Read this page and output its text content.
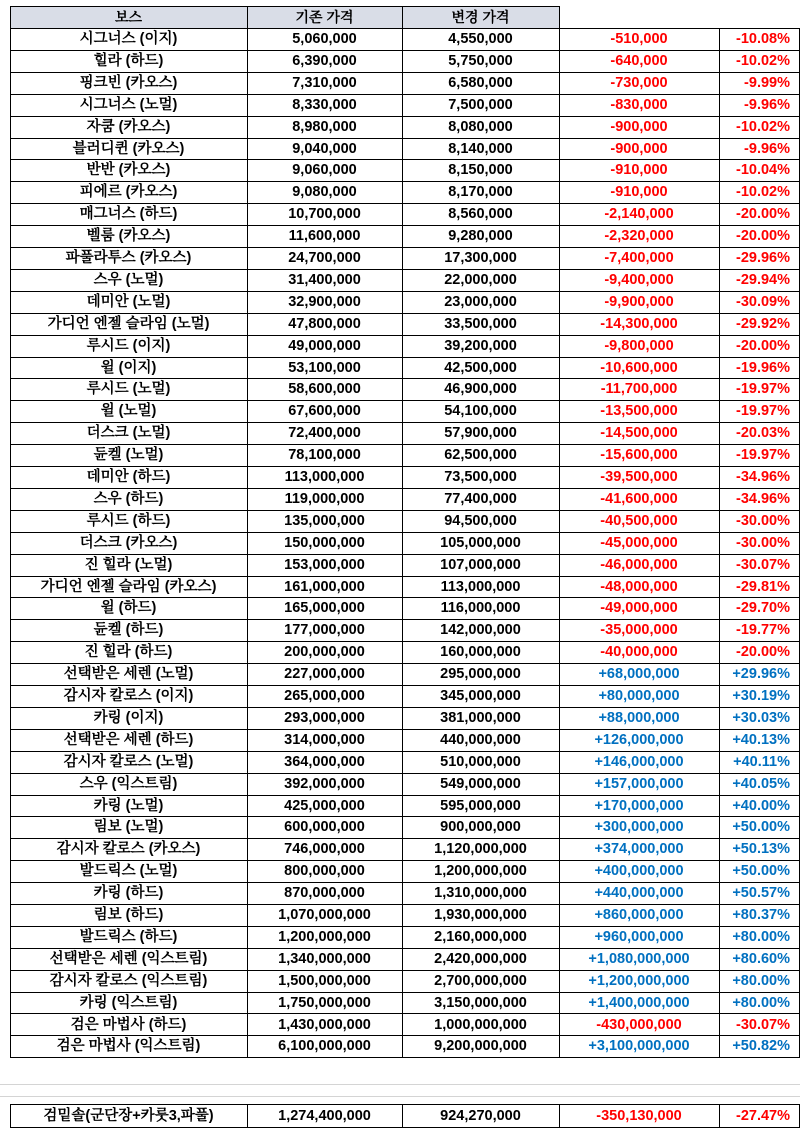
보스	기존 가격	변경 가격
시그너스 (이지)	5,060,000	4,550,000	-510,000	-10.08%
힐라 (하드)	6,390,000	5,750,000	-640,000	-10.02%
핑크빈 (카오스)	7,310,000	6,580,000	-730,000	-9.99%
시그너스 (노멀)	8,330,000	7,500,000	-830,000	-9.96%
자쿰 (카오스)	8,980,000	8,080,000	-900,000	-10.02%
블러디퀸 (카오스)	9,040,000	8,140,000	-900,000	-9.96%
반반 (카오스)	9,060,000	8,150,000	-910,000	-10.04%
피에르 (카오스)	9,080,000	8,170,000	-910,000	-10.02%
매그너스 (하드)	10,700,000	8,560,000	-2,140,000	-20.00%
벨룸 (카오스)	11,600,000	9,280,000	-2,320,000	-20.00%
파풀라투스 (카오스)	24,700,000	17,300,000	-7,400,000	-29.96%
스우 (노멀)	31,400,000	22,000,000	-9,400,000	-29.94%
데미안 (노멀)	32,900,000	23,000,000	-9,900,000	-30.09%
가디언 엔젤 슬라임 (노멀)	47,800,000	33,500,000	-14,300,000	-29.92%
루시드 (이지)	49,000,000	39,200,000	-9,800,000	-20.00%
윌 (이지)	53,100,000	42,500,000	-10,600,000	-19.96%
루시드 (노멀)	58,600,000	46,900,000	-11,700,000	-19.97%
윌 (노멀)	67,600,000	54,100,000	-13,500,000	-19.97%
더스크 (노멀)	72,400,000	57,900,000	-14,500,000	-20.03%
듄켈 (노멀)	78,100,000	62,500,000	-15,600,000	-19.97%
데미안 (하드)	113,000,000	73,500,000	-39,500,000	-34.96%
스우 (하드)	119,000,000	77,400,000	-41,600,000	-34.96%
루시드 (하드)	135,000,000	94,500,000	-40,500,000	-30.00%
더스크 (카오스)	150,000,000	105,000,000	-45,000,000	-30.00%
진 힐라 (노멀)	153,000,000	107,000,000	-46,000,000	-30.07%
가디언 엔젤 슬라임 (카오스)	161,000,000	113,000,000	-48,000,000	-29.81%
윌 (하드)	165,000,000	116,000,000	-49,000,000	-29.70%
듄켈 (하드)	177,000,000	142,000,000	-35,000,000	-19.77%
진 힐라 (하드)	200,000,000	160,000,000	-40,000,000	-20.00%
선택받은 세렌 (노멀)	227,000,000	295,000,000	+68,000,000	+29.96%
감시자 칼로스 (이지)	265,000,000	345,000,000	+80,000,000	+30.19%
카링 (이지)	293,000,000	381,000,000	+88,000,000	+30.03%
선택받은 세렌 (하드)	314,000,000	440,000,000	+126,000,000	+40.13%
감시자 칼로스 (노멀)	364,000,000	510,000,000	+146,000,000	+40.11%
스우 (익스트림)	392,000,000	549,000,000	+157,000,000	+40.05%
카링 (노멀)	425,000,000	595,000,000	+170,000,000	+40.00%
림보 (노멀)	600,000,000	900,000,000	+300,000,000	+50.00%
감시자 칼로스 (카오스)	746,000,000	1,120,000,000	+374,000,000	+50.13%
발드릭스 (노멀)	800,000,000	1,200,000,000	+400,000,000	+50.00%
카링 (하드)	870,000,000	1,310,000,000	+440,000,000	+50.57%
림보 (하드)	1,070,000,000	1,930,000,000	+860,000,000	+80.37%
발드릭스 (하드)	1,200,000,000	2,160,000,000	+960,000,000	+80.00%
선택받은 세렌 (익스트림)	1,340,000,000	2,420,000,000	+1,080,000,000	+80.60%
감시자 칼로스 (익스트림)	1,500,000,000	2,700,000,000	+1,200,000,000	+80.00%
카링 (익스트림)	1,750,000,000	3,150,000,000	+1,400,000,000	+80.00%
검은 마법사 (하드)	1,430,000,000	1,000,000,000	-430,000,000	-30.07%
검은 마법사 (익스트림)	6,100,000,000	9,200,000,000	+3,100,000,000	+50.82%
검밑솔(군단장+카룻3,파풀)	1,274,400,000	924,270,000	-350,130,000	-27.47%
